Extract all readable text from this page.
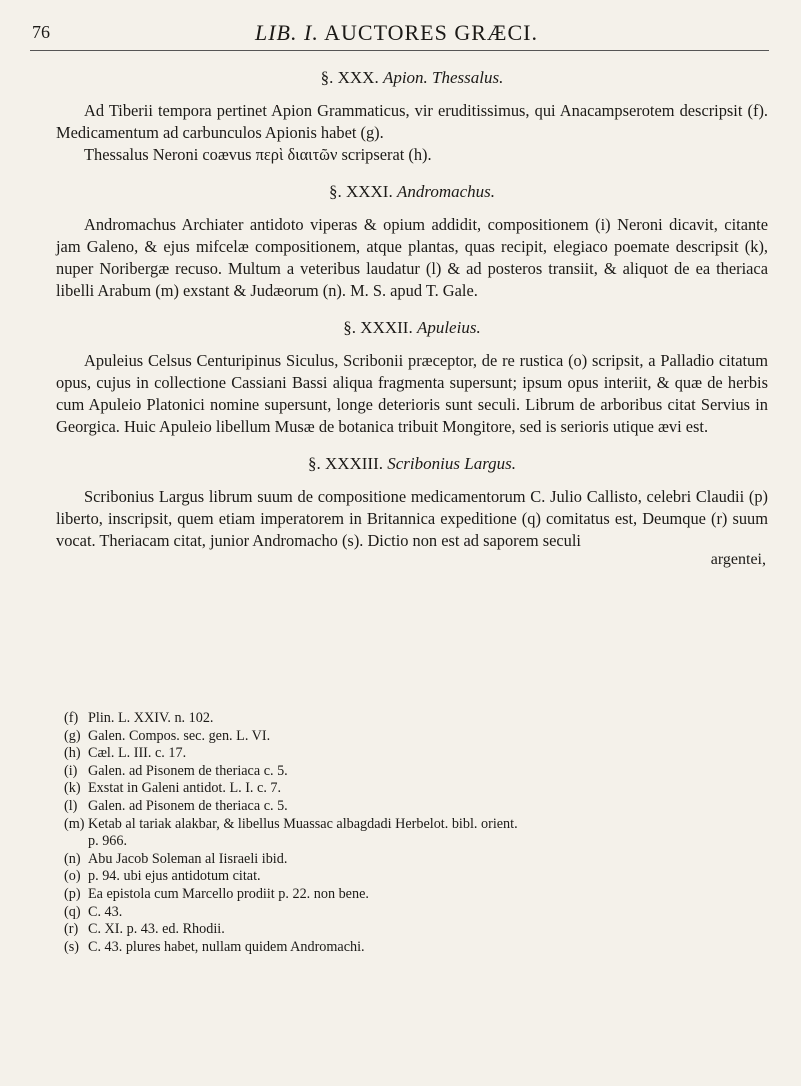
76	LIB. I. AUCTORES GRÆCI.
§. XXX. Apion. Thessalus.

Ad Tiberii tempora pertinet Apion Grammaticus, vir eruditissimus, qui Anacampserotem descripsit (f). Medicamentum ad carbunculos Apionis habet (g).

Thessalus Neroni coævus περὶ διαιτῶν scripserat (h).

§. XXXI. Andromachus.

Andromachus Archiater antidoto viperas & opium addidit, compositionem (i) Neroni dicavit, citante jam Galeno, & ejus mifcelæ compositionem, atque plantas, quas recipit, elegiaco poemate descripsit (k), nuper Noribergæ recuso. Multum a veteribus laudatur (l) & ad posteros transiit, & aliquot de ea theriaca libelli Arabum (m) exstant & Judæorum (n). M. S. apud T. Gale.

§. XXXII. Apuleius.

Apuleius Celsus Centuripinus Siculus, Scribonii præceptor, de re rustica (o) scripsit, a Palladio citatum opus, cujus in collectione Cassiani Bassi aliqua fragmenta supersunt; ipsum opus interiit, & quæ de herbis cum Apuleio Platonici nomine supersunt, longe deterioris sunt seculi. Librum de arboribus citat Servius in Georgica. Huic Apuleio libellum Musæ de botanica tribuit Mongitore, sed is serioris utique ævi est.

§. XXXIII. Scribonius Largus.

Scribonius Largus librum suum de compositione medicamentorum C. Julio Callisto, celebri Claudii (p) liberto, inscripsit, quem etiam imperatorem in Britannica expeditione (q) comitatus est, Deumque (r) suum vocat. Theriacam citat, junior Andromacho (s). Dictio non est ad saporem seculi

argentei,
(f) Plin. L. XXIV. n. 102.
(g) Galen. Compos. sec. gen. L. VI.
(h) Cæl. L. III. c. 17.
(i) Galen. ad Pisonem de theriaca c. 5.
(k) Exstat in Galeni antidot. L. I. c. 7.
(l) Galen. ad Pisonem de theriaca c. 5.
(m) Ketab al tariak alakbar, & libellus Muassac albagdadi Herbelot. bibl. orient.
p. 966.
(n) Abu Jacob Soleman al Iisraeli ibid.
(o) p. 94. ubi ejus antidotum citat.
(p) Ea epistola cum Marcello prodiit p. 22. non bene.
(q) C. 43.
(r) C. XI. p. 43. ed. Rhodii.
(s) C. 43. plures habet, nullam quidem Andromachi.
